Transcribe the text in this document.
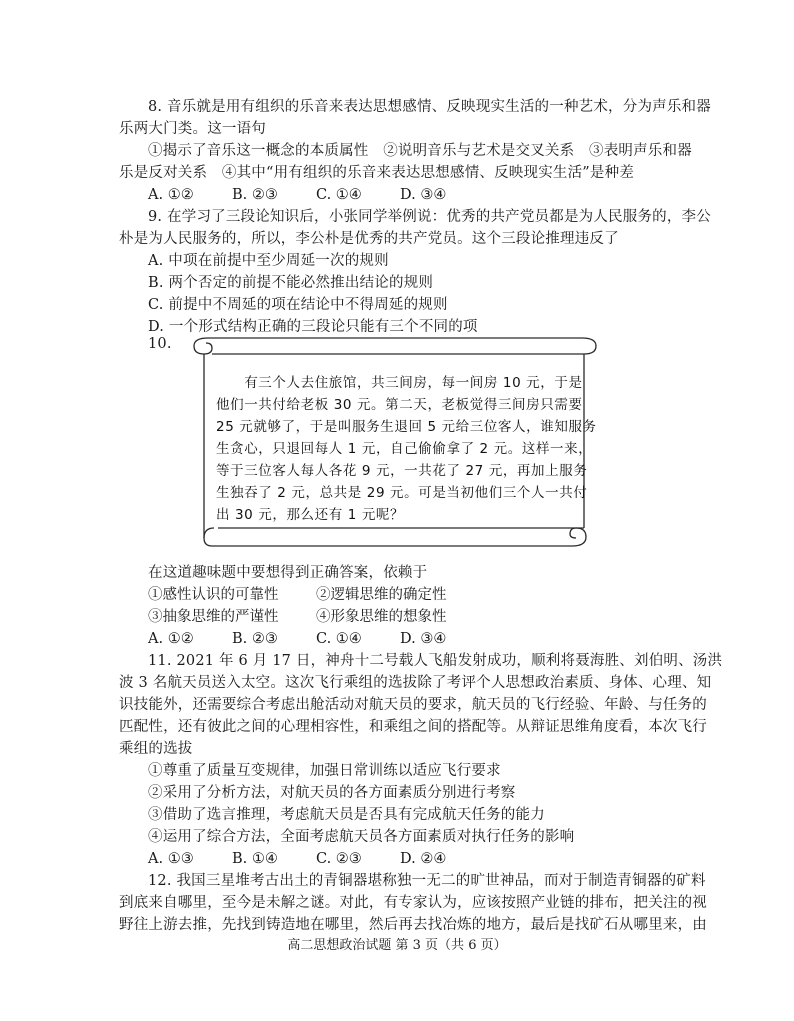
8. 音乐就是用有组织的乐音来表达思想感情、反映现实生活的一种艺术，分为声乐和器
乐两大门类。这一语句
①揭示了音乐这一概念的本质属性　②说明音乐与艺术是交叉关系　③表明声乐和器
乐是反对关系　④其中“用有组织的乐音来表达思想感情、反映现实生活”是种差
A. ①②	B. ②③	C. ①④	D. ③④
9. 在学习了三段论知识后，小张同学举例说：优秀的共产党员都是为人民服务的，李公
朴是为人民服务的，所以，李公朴是优秀的共产党员。这个三段论推理违反了
A. 中项在前提中至少周延一次的规则
B. 两个否定的前提不能必然推出结论的规则
C. 前提中不周延的项在结论中不得周延的规则
D. 一个形式结构正确的三段论只能有三个不同的项
10.
　　有三个人去住旅馆，共三间房，每一间房 10 元，于是
他们一共付给老板 30 元。第二天，老板觉得三间房只需要
25 元就够了，于是叫服务生退回 5 元给三位客人，谁知服务
生贪心，只退回每人 1 元，自己偷偷拿了 2 元。这样一来，
等于三位客人每人各花 9 元，一共花了 27 元，再加上服务
生独吞了 2 元，总共是 29 元。可是当初他们三个人一共付
出 30 元，那么还有 1 元呢？
在这道趣味题中要想得到正确答案，依赖于
①感性认识的可靠性	②逻辑思维的确定性
③抽象思维的严谨性	④形象思维的想象性
A. ①②	B. ②③	C. ①④	D. ③④
11. 2021 年 6 月 17 日，神舟十二号载人飞船发射成功，顺利将聂海胜、刘伯明、汤洪
波 3 名航天员送入太空。这次飞行乘组的选拔除了考评个人思想政治素质、身体、心理、知
识技能外，还需要综合考虑出舱活动对航天员的要求，航天员的飞行经验、年龄、与任务的
匹配性，还有彼此之间的心理相容性，和乘组之间的搭配等。从辩证思维角度看，本次飞行
乘组的选拔
①尊重了质量互变规律，加强日常训练以适应飞行要求
②采用了分析方法，对航天员的各方面素质分别进行考察
③借助了选言推理，考虑航天员是否具有完成航天任务的能力
④运用了综合方法，全面考虑航天员各方面素质对执行任务的影响
A. ①③	B. ①④	C. ②③	D. ②④
12. 我国三星堆考古出土的青铜器堪称独一无二的旷世神品，而对于制造青铜器的矿料
到底来自哪里，至今是未解之谜。对此，有专家认为，应该按照产业链的排布，把关注的视
野往上游去推，先找到铸造地在哪里，然后再去找冶炼的地方，最后是找矿石从哪里来，由
高二思想政治试题 第 3 页（共 6 页）
